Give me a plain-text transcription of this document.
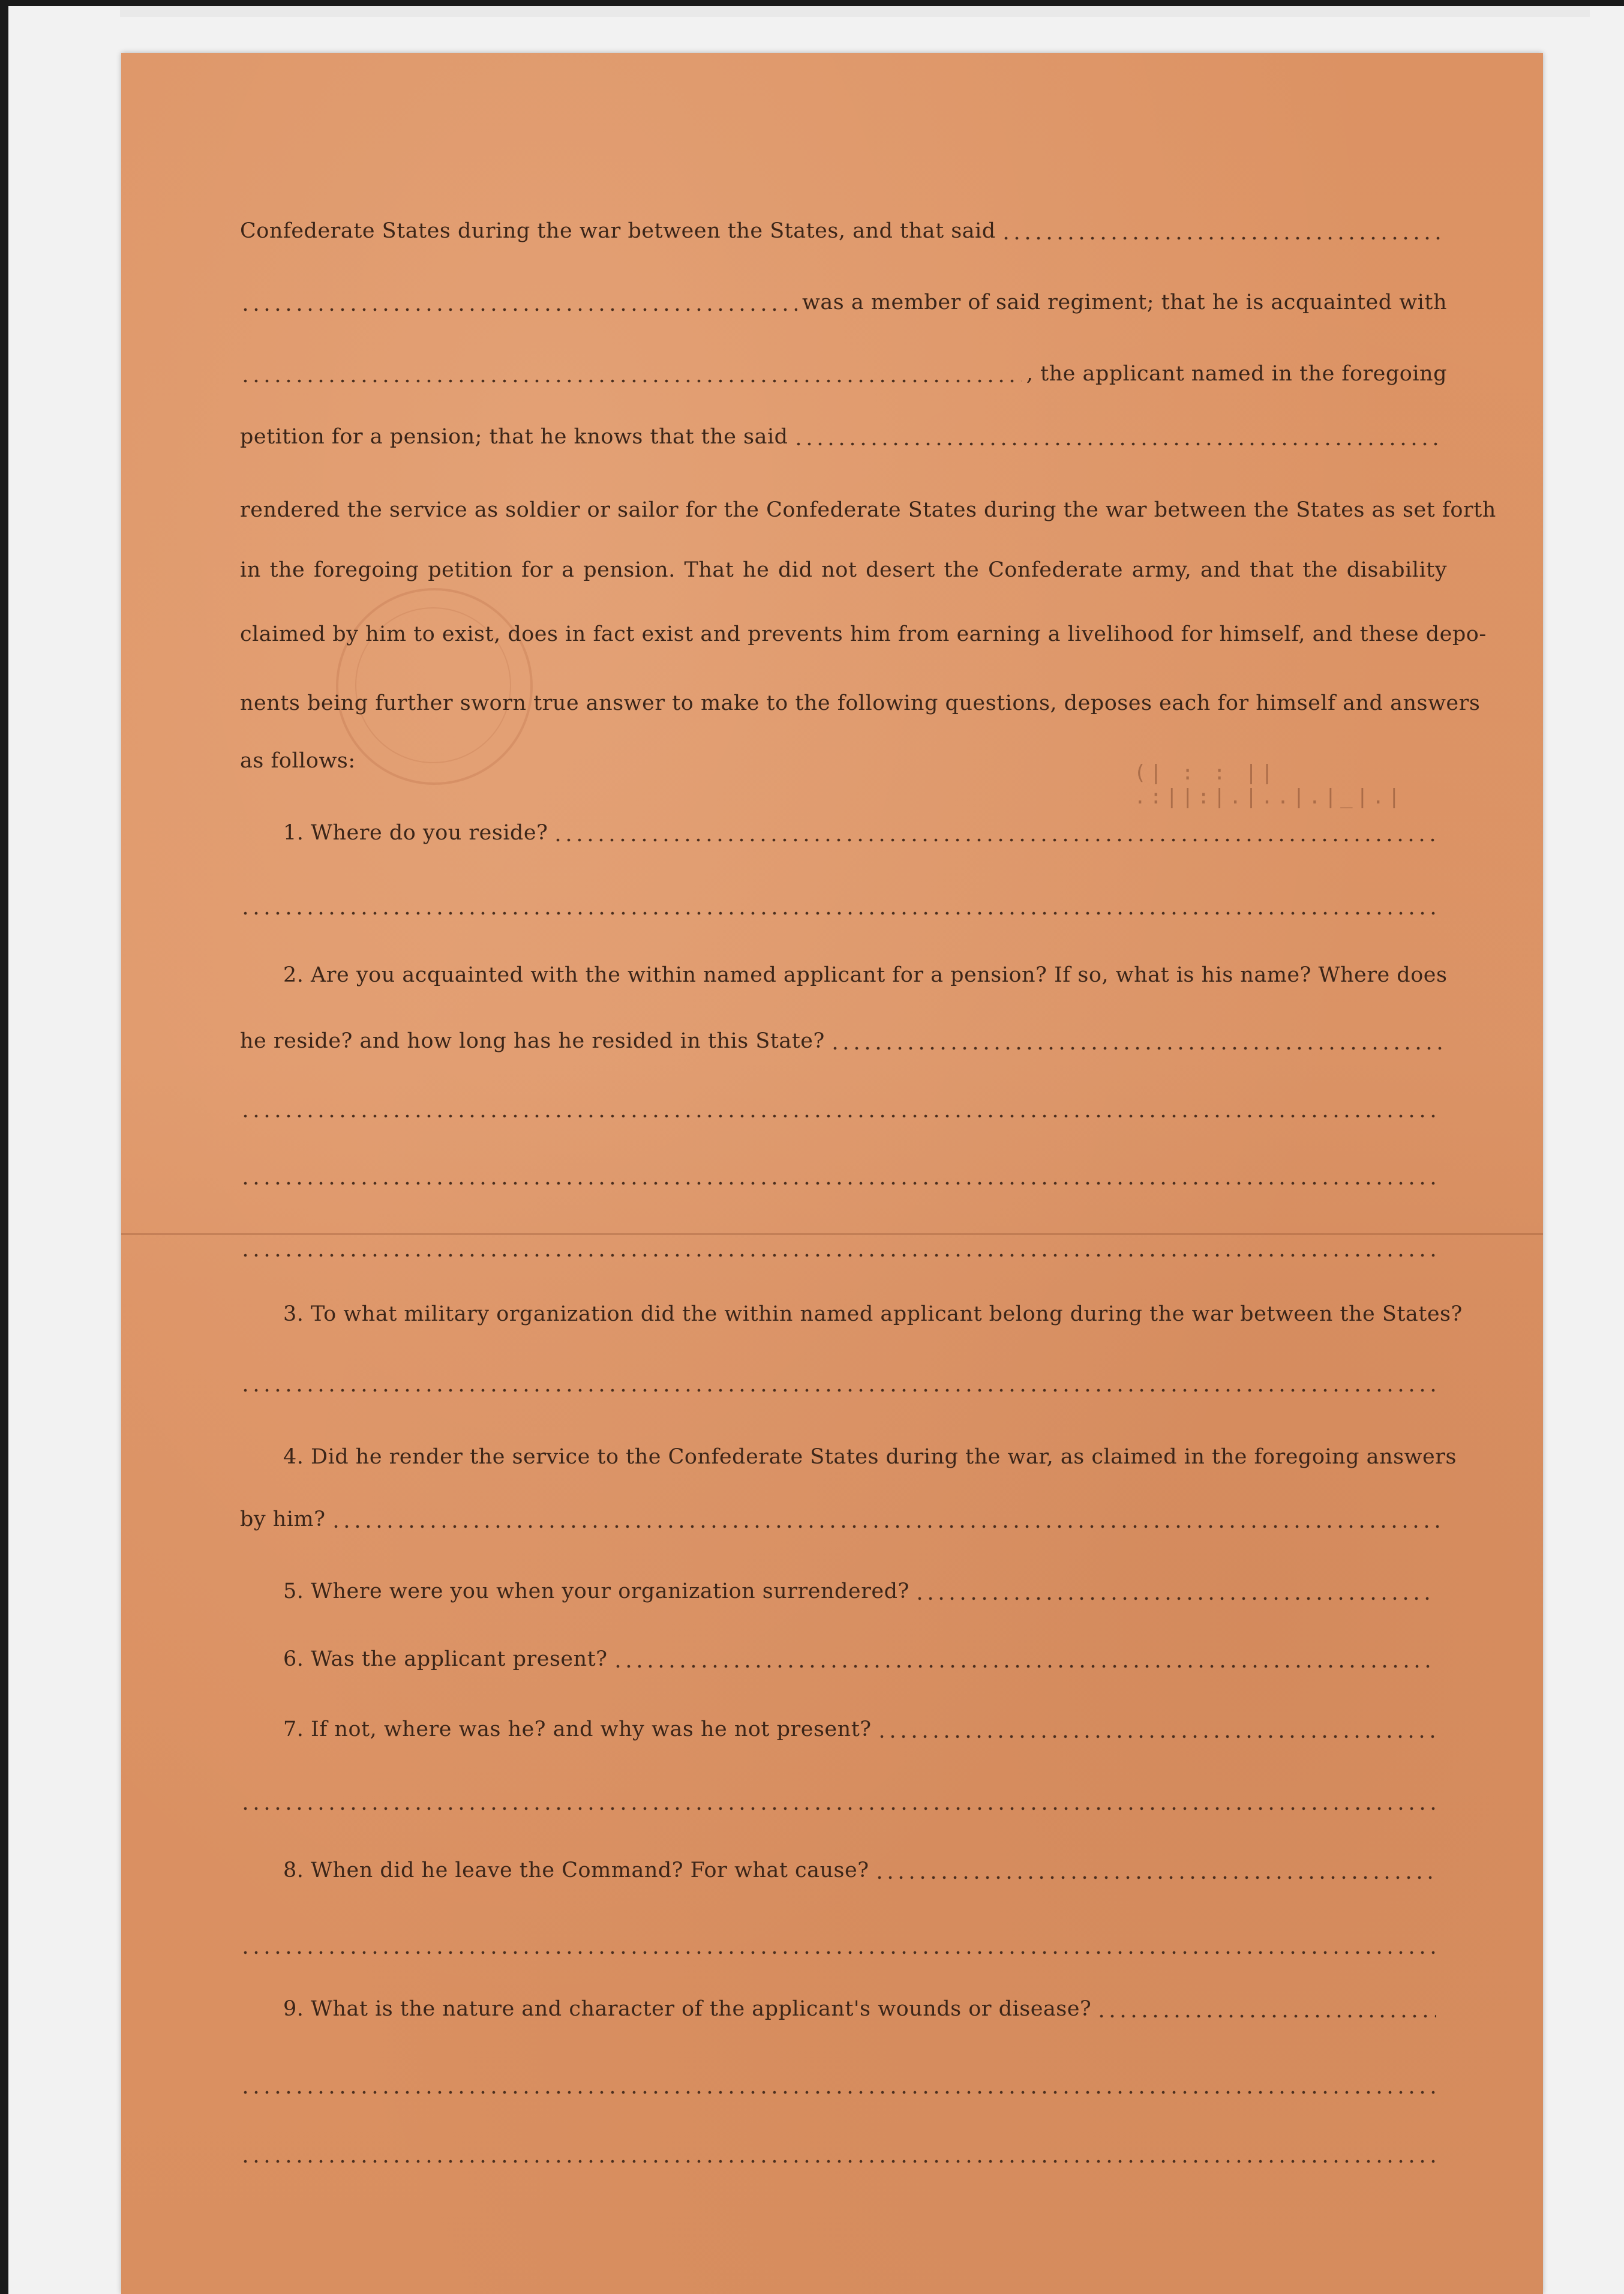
Confederate States during the war between the States, and that said
was a member of said regiment; that he is acquainted with
, the applicant named in the foregoing
petition for a pension; that he knows that the said
rendered the service as soldier or sailor for the Confederate States during the war between the States as set forth
in the foregoing petition for a pension. That he did not desert the Confederate army, and that the disability
claimed by him to exist, does in fact exist and prevents him from earning a livelihood for himself, and these depo-
nents being further sworn true answer to make to the following questions, deposes each for himself and answers
as follows:	(| : : || .:||:|.|..|.|_|.|
1. Where do you reside?
2. Are you acquainted with the within named applicant for a pension? If so, what is his name? Where does
he reside? and how long has he resided in this State?
3. To what military organization did the within named applicant belong during the war between the States?
4. Did he render the service to the Confederate States during the war, as claimed in the foregoing answers
by him?
5. Where were you when your organization surrendered?
6. Was the applicant present?
7. If not, where was he? and why was he not present?
8. When did he leave the Command? For what cause?
9. What is the nature and character of the applicant's wounds or disease?
